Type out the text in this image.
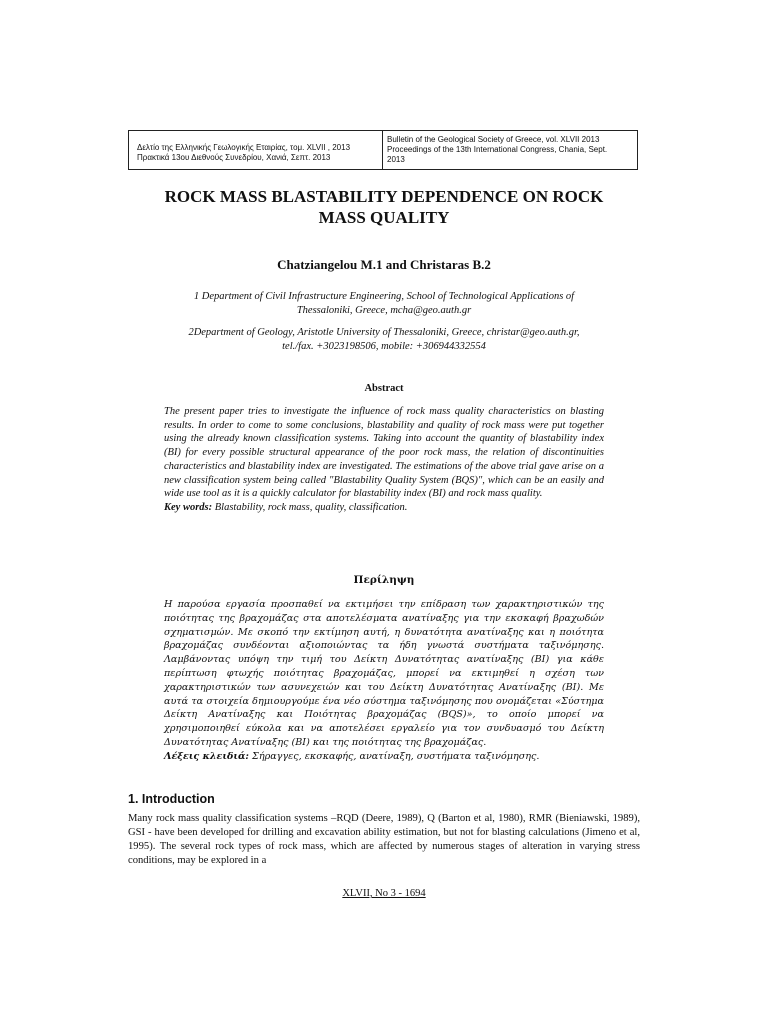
Δελτίο της Ελληνικής Γεωλογικής Εταιρίας, τομ. XLVII , 2013
Πρακτικά 13ου Διεθνούς Συνεδρίου, Χανιά, Σεπτ. 2013
Bulletin of the Geological Society of Greece, vol. XLVII 2013
Proceedings of the 13th International Congress, Chania, Sept.
2013
ROCK MASS BLASTABILITY DEPENDENCE ON ROCK
MASS QUALITY
Chatziangelou M.1 and Christaras B.2
1 Department of Civil Infrastructure Engineering, School of Technological Applications of
Thessaloniki, Greece, mcha@geo.auth.gr
2Department of Geology, Aristotle University of Thessaloniki, Greece, christar@geo.auth.gr,
tel./fax. +3023198506, mobile: +306944332554
Abstract
The present paper tries to investigate the influence of rock mass quality characteristics on blasting results. In order to come to some conclusions, blastability and quality of rock mass were put together using the already known classification systems. Taking into account the quantity of blastability index (BI) for every possible structural appearance of the poor rock mass, the relation of discontinuities characteristics and blastability index are investigated. The estimations of the above trial gave arise on a new classification system being called "Blastability Quality System (BQS)", which can be an easily and wide use tool as it is a quickly calculator for blastability index (BI) and rock mass quality.
Key words: Blastability, rock mass, quality, classification.
Περίληψη
Η παρούσα εργασία προσπαθεί να εκτιμήσει την επίδραση των χαρακτηριστικών της ποιότητας της βραχομάζας στα αποτελέσματα ανατίναξης για την εκσκαφή βραχωδών σχηματισμών. Με σκοπό την εκτίμηση αυτή, η δυνατότητα ανατίναξης και η ποιότητα βραχομάζας συνδέονται αξιοποιώντας τα ήδη γνωστά συστήματα ταξινόμησης. Λαμβάνοντας υπόψη την τιμή του Δείκτη Δυνατότητας ανατίναξης (BI) για κάθε περίπτωση φτωχής ποιότητας βραχομάζας, μπορεί να εκτιμηθεί η σχέση των χαρακτηριστικών των ασυνεχειών και του Δείκτη Δυνατότητας Ανατίναξης (BI). Με αυτά τα στοιχεία δημιουργούμε ένα νέο σύστημα ταξινόμησης που ονομάζεται «Σύστημα Δείκτη Ανατίναξης και Ποιότητας βραχομάζας (BQS)», το οποίο μπορεί να χρησιμοποιηθεί εύκολα και να αποτελέσει εργαλείο για τον συνδυασμό του Δείκτη Δυνατότητας Ανατίναξης (BI) και της ποιότητας της βραχομάζας.
Λέξεις κλειδιά: Σήραγγες, εκσκαφής, ανατίναξη, συστήματα ταξινόμησης.
1. Introduction
Many rock mass quality classification systems –RQD (Deere, 1989), Q (Barton et al, 1980), RMR (Bieniawski, 1989), GSI - have been developed for drilling and excavation ability estimation, but not for blasting calculations (Jimeno et al, 1995). The several rock types of rock mass, which are affected by numerous stages of alteration in varying stress conditions, may be explored in a
XLVII, No 3 - 1694
